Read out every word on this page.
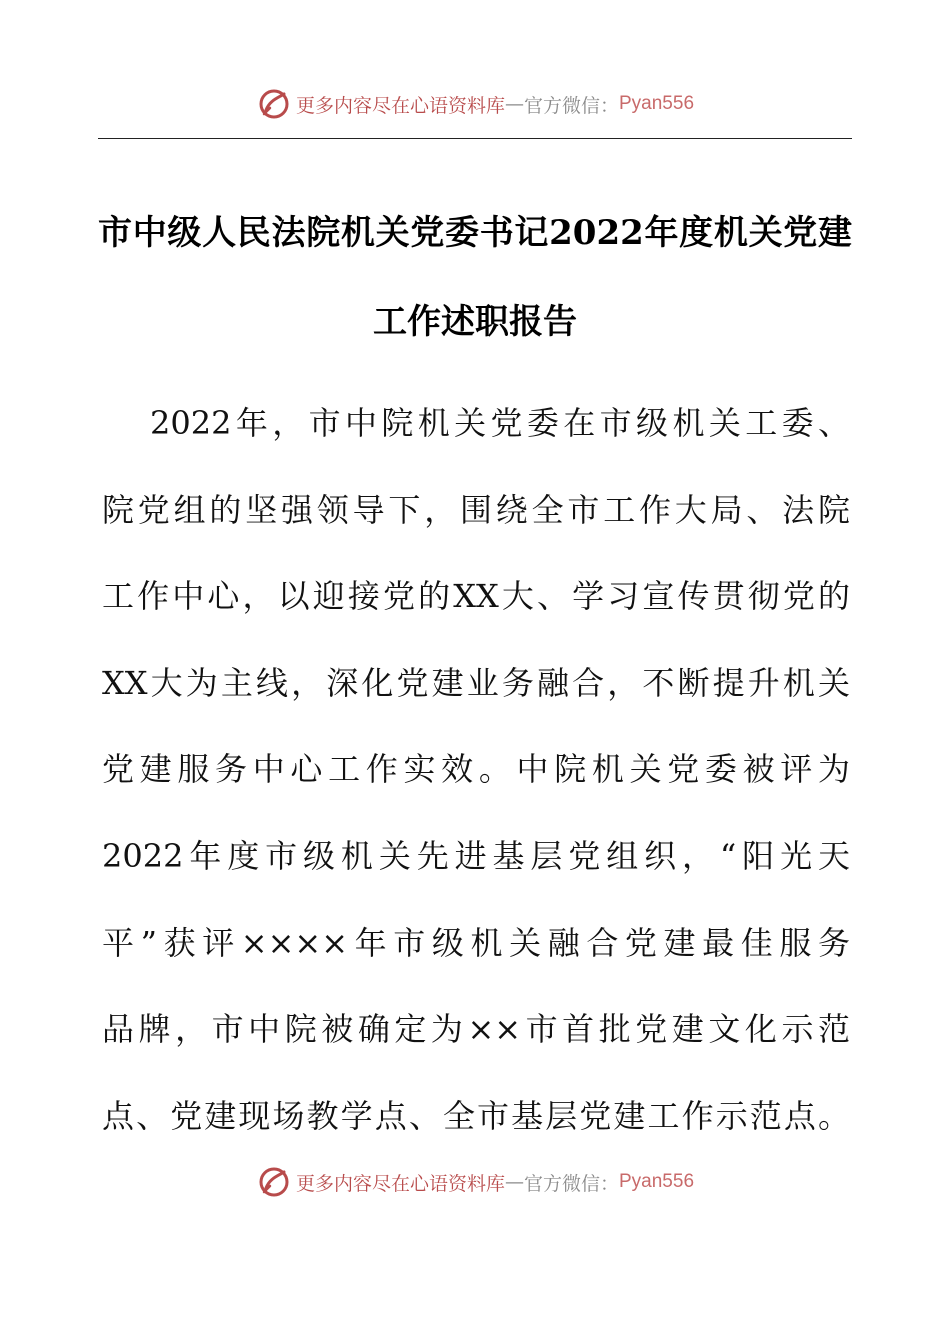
更多内容尽在心语资料库 — 官方微信： Pyan556
市中级人民法院机关党委书记2022年度机关党建
工作述职报告
2022年，市中院机关党委在市级机关工委、
院党组的坚强领导下，围绕全市工作大局、法院
工作中心，以迎接党的XX大、学习宣传贯彻党的
XX大为主线，深化党建业务融合，不断提升机关
党建服务中心工作实效。中院机关党委被评为
2022年度市级机关先进基层党组织，“阳光天
平”获评××××年市级机关融合党建最佳服务
品牌，市中院被确定为××市首批党建文化示范
点、党建现场教学点、全市基层党建工作示范点。
更多内容尽在心语资料库 — 官方微信： Pyan556
